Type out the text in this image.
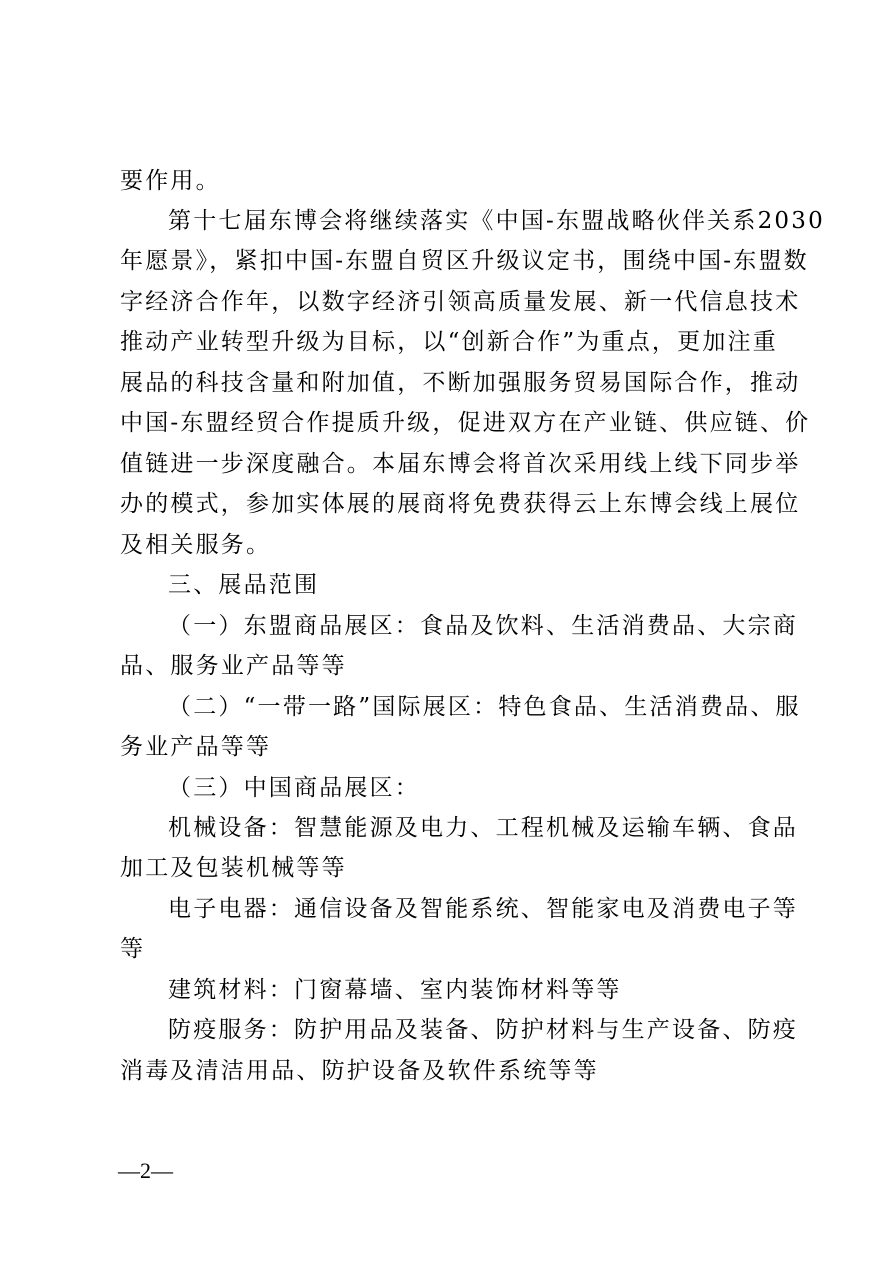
要作用。
第十七届东博会将继续落实《中国-东盟战略伙伴关系2030
年愿景》，紧扣中国-东盟自贸区升级议定书，围绕中国-东盟数
字经济合作年，以数字经济引领高质量发展、新一代信息技术
推动产业转型升级为目标，以“创新合作”为重点，更加注重
展品的科技含量和附加值，不断加强服务贸易国际合作，推动
中国-东盟经贸合作提质升级，促进双方在产业链、供应链、价
值链进一步深度融合。本届东博会将首次采用线上线下同步举
办的模式，参加实体展的展商将免费获得云上东博会线上展位
及相关服务。
三、展品范围
（一）东盟商品展区：食品及饮料、生活消费品、大宗商
品、服务业产品等等
（二）“一带一路”国际展区：特色食品、生活消费品、服
务业产品等等
（三）中国商品展区：
机械设备：智慧能源及电力、工程机械及运输车辆、食品
加工及包装机械等等
电子电器：通信设备及智能系统、智能家电及消费电子等
等
建筑材料：门窗幕墙、室内装饰材料等等
防疫服务：防护用品及装备、防护材料与生产设备、防疫
消毒及清洁用品、防护设备及软件系统等等
—2—
